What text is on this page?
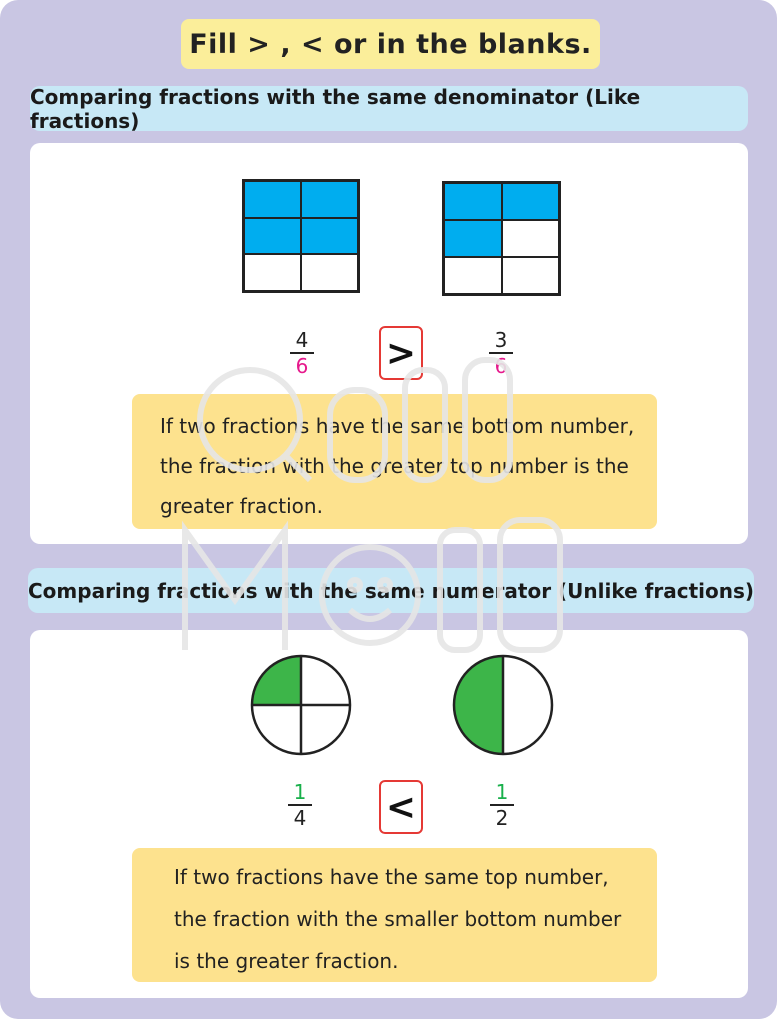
Fill > , < or in the blanks.
Comparing fractions with the same denominator (Like fractions)
4
6	>	3
6
If two fractions have the same bottom number,
the fraction with the greater top number is the
greater fraction.
Comparing fractions with the same numerator (Unlike fractions)
1
4	<	1
2
If two fractions have the same top number,
the fraction with the smaller bottom number
is the greater fraction.
